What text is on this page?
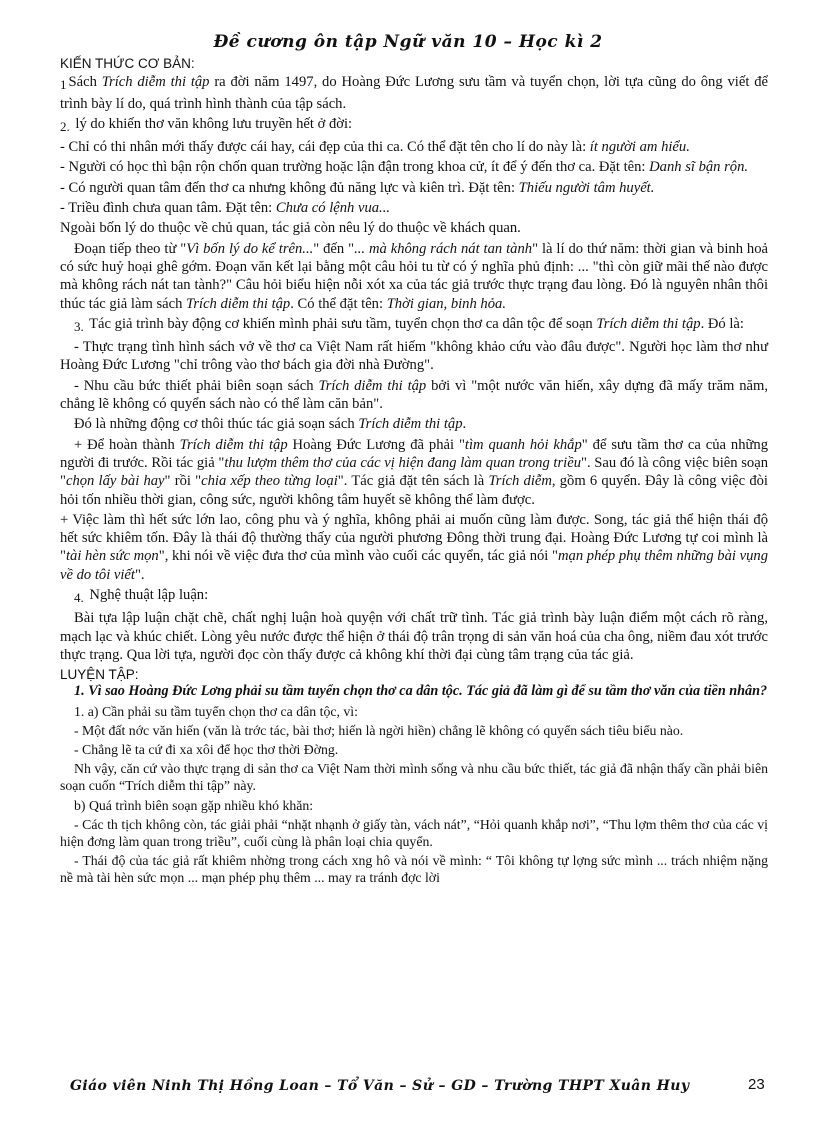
Đề cương ôn tập Ngữ văn 10 – Học kì 2

KIẾN THỨC CƠ BẢN:

1 Sách Trích diễm thi tập ra đời năm 1497, do Hoàng Đức Lương sưu tầm và tuyển chọn, lời tựa cũng do ông viết để trình bày lí do, quá trình hình thành của tập sách.

2. lý do khiến thơ văn không lưu truyền hết ở đời:

- Chỉ có thi nhân mới thấy được cái hay, cái đẹp của thi ca. Có thể đặt tên cho lí do này là: ít người am hiểu.

- Người có học thì bận rộn chốn quan trường hoặc lận đận trong khoa cử, ít để ý đến thơ ca. Đặt tên: Danh sĩ bận rộn.

- Có người quan tâm đến thơ ca nhưng không đủ năng lực và kiên trì. Đặt tên: Thiếu người tâm huyết.

- Triều đình chưa quan tâm. Đặt tên: Chưa có lệnh vua...

Ngoài bốn lý do thuộc về chủ quan, tác giả còn nêu lý do thuộc về khách quan.

Đoạn tiếp theo từ "Vì bốn lý do kể trên..." đến "... mà không rách nát tan tành" là lí do thứ năm: thời gian và binh hoả có sức huỷ hoại ghê gớm. Đoạn văn kết lại bằng một câu hỏi tu từ có ý nghĩa phủ định: ... "thì còn giữ mãi thế nào được mà không rách nát tan tành?" Câu hỏi biểu hiện nỗi xót xa của tác giả trước thực trạng đau lòng. Đó là nguyên nhân thôi thúc tác giả làm sách Trích diễm thi tập. Có thể đặt tên: Thời gian, binh hỏa.

3. Tác giả trình bày động cơ khiến mình phải sưu tầm, tuyển chọn thơ ca dân tộc để soạn Trích diễm thi tập. Đó là:

- Thực trạng tình hình sách vở về thơ ca Việt Nam rất hiếm "không khảo cứu vào đâu được". Người học làm thơ như Hoàng Đức Lương "chỉ trông vào thơ bách gia đời nhà Đường".

- Nhu cầu bức thiết phải biên soạn sách Trích diễm thi tập bởi vì "một nước văn hiến, xây dựng đã mấy trăm năm, chẳng lẽ không có quyển sách nào có thể làm căn bản".

Đó là những động cơ thôi thúc tác giả soạn sách Trích diễm thi tập.

+ Để hoàn thành Trích diễm thi tập Hoàng Đức Lương đã phải "tìm quanh hỏi khắp" để sưu tầm thơ ca của những người đi trước. Rồi tác giả "thu lượm thêm thơ của các vị hiện đang làm quan trong triều". Sau đó là công việc biên soạn "chọn lấy bài hay" rồi "chia xếp theo từng loại". Tác giả đặt tên sách là Trích diễm, gồm 6 quyển. Đây là công việc đòi hỏi tốn nhiều thời gian, công sức, người không tâm huyết sẽ không thể làm được.

+ Việc làm thì hết sức lớn lao, công phu và ý nghĩa, không phải ai muốn cũng làm được. Song, tác giả thể hiện thái độ hết sức khiêm tốn. Đây là thái độ thường thấy của người phương Đông thời trung đại. Hoàng Đức Lương tự coi mình là "tài hèn sức mọn", khi nói về việc đưa thơ của mình vào cuối các quyển, tác giả nói "mạn phép phụ thêm những bài vụng về do tôi viết".

4. Nghệ thuật lập luận:

Bài tựa lập luận chặt chẽ, chất nghị luận hoà quyện với chất trữ tình. Tác giả trình bày luận điểm một cách rõ ràng, mạch lạc và khúc chiết. Lòng yêu nước được thể hiện ở thái độ trân trọng di sản văn hoá của cha ông, niềm đau xót trước thực trạng. Qua lời tựa, người đọc còn thấy được cả không khí thời đại cùng tâm trạng của tác giả.

LUYỆN TẬP:

1. Vì sao Hoàng Đức Lơng phải su tầm tuyển chọn thơ ca dân tộc. Tác giả đã làm gì để su tầm thơ văn của tiền nhân?

1. a) Cần phải su tầm tuyển chọn thơ ca dân tộc, vì:

- Một đất nớc văn hiến (văn là trớc tác, bài thơ; hiến là ngời hiền) chẳng lẽ không có quyển sách tiêu biểu nào.

- Chẳng lẽ ta cứ đi xa xôi để học thơ thời Đờng.

Nh vậy, căn cứ vào thực trạng di sản thơ ca Việt Nam thời mình sống và nhu cầu bức thiết, tác giả đã nhận thấy cần phải biên soạn cuốn “Trích diễm thi tập” này.

b) Quá trình biên soạn gặp nhiều khó khăn:

- Các th tịch không còn, tác giải phải “nhặt nhạnh ở giấy tàn, vách nát”, “Hỏi quanh khắp nơi”, “Thu lợm thêm thơ của các vị hiện đơng làm quan trong triều”, cuối cùng là phân loại chia quyển.

- Thái độ của tác giả rất khiêm nhờng trong cách xng hô và nói về mình: “ Tôi không tự lợng sức mình ... trách nhiệm nặng nề mà tài hèn sức mọn ... mạn phép phụ thêm ... may ra tránh đợc lời

Giáo viên Ninh Thị Hồng Loan – Tổ Văn – Sử – GD – Trường THPT Xuân Huy	23
